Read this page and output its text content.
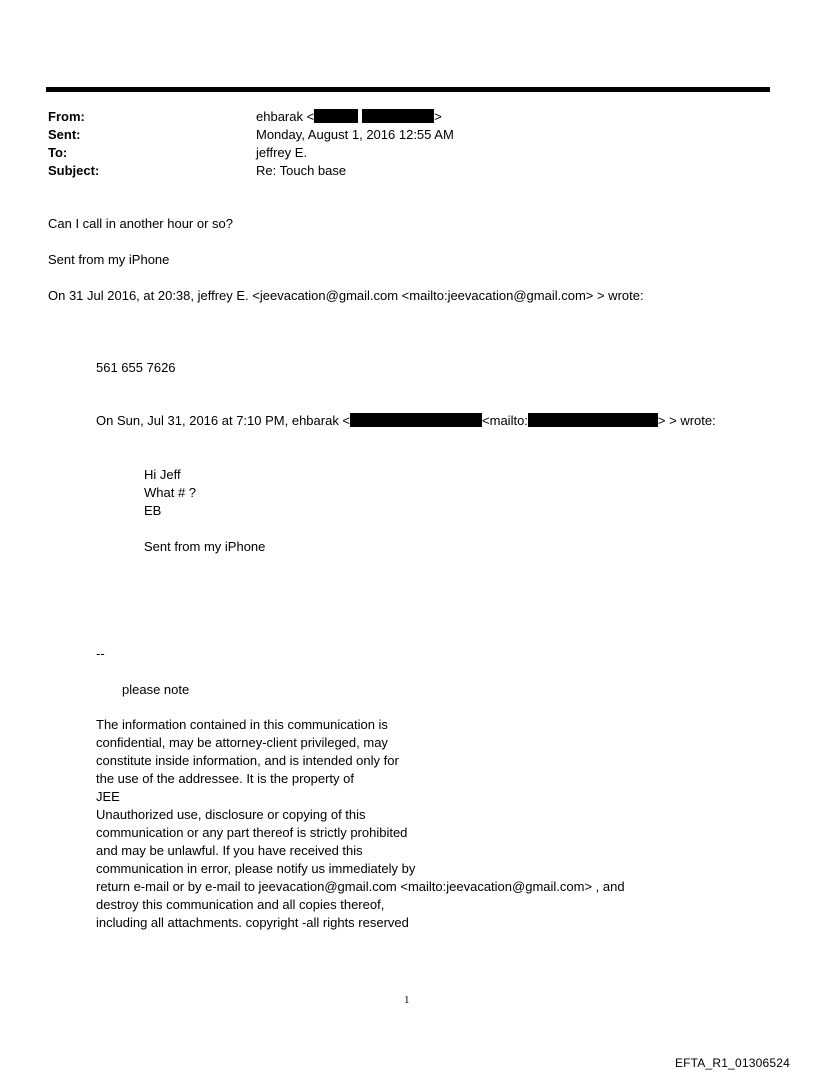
From:	ehbarak <	>
Sent:	Monday, August 1, 2016 12:55 AM
To:	jeffrey E.
Subject:	Re: Touch base
Can I call in another hour or so?
Sent from my iPhone
On 31 Jul 2016, at 20:38, jeffrey E. <jeevacation@gmail.com <mailto:jeevacation@gmail.com> > wrote:
561 655 7626
On Sun, Jul 31, 2016 at 7:10 PM, ehbarak <	<mailto:	> > wrote:
Hi Jeff
What # ?
EB
Sent from my iPhone
--
please note
The information contained in this communication is
confidential, may be attorney-client privileged, may
constitute inside information, and is intended only for
the use of the addressee. It is the property of
JEE
Unauthorized use, disclosure or copying of this
communication or any part thereof is strictly prohibited
and may be unlawful. If you have received this
communication in error, please notify us immediately by
return e-mail or by e-mail to jeevacation@gmail.com <mailto:jeevacation@gmail.com> , and
destroy this communication and all copies thereof,
including all attachments. copyright -all rights reserved
1
EFTA_R1_01306524
